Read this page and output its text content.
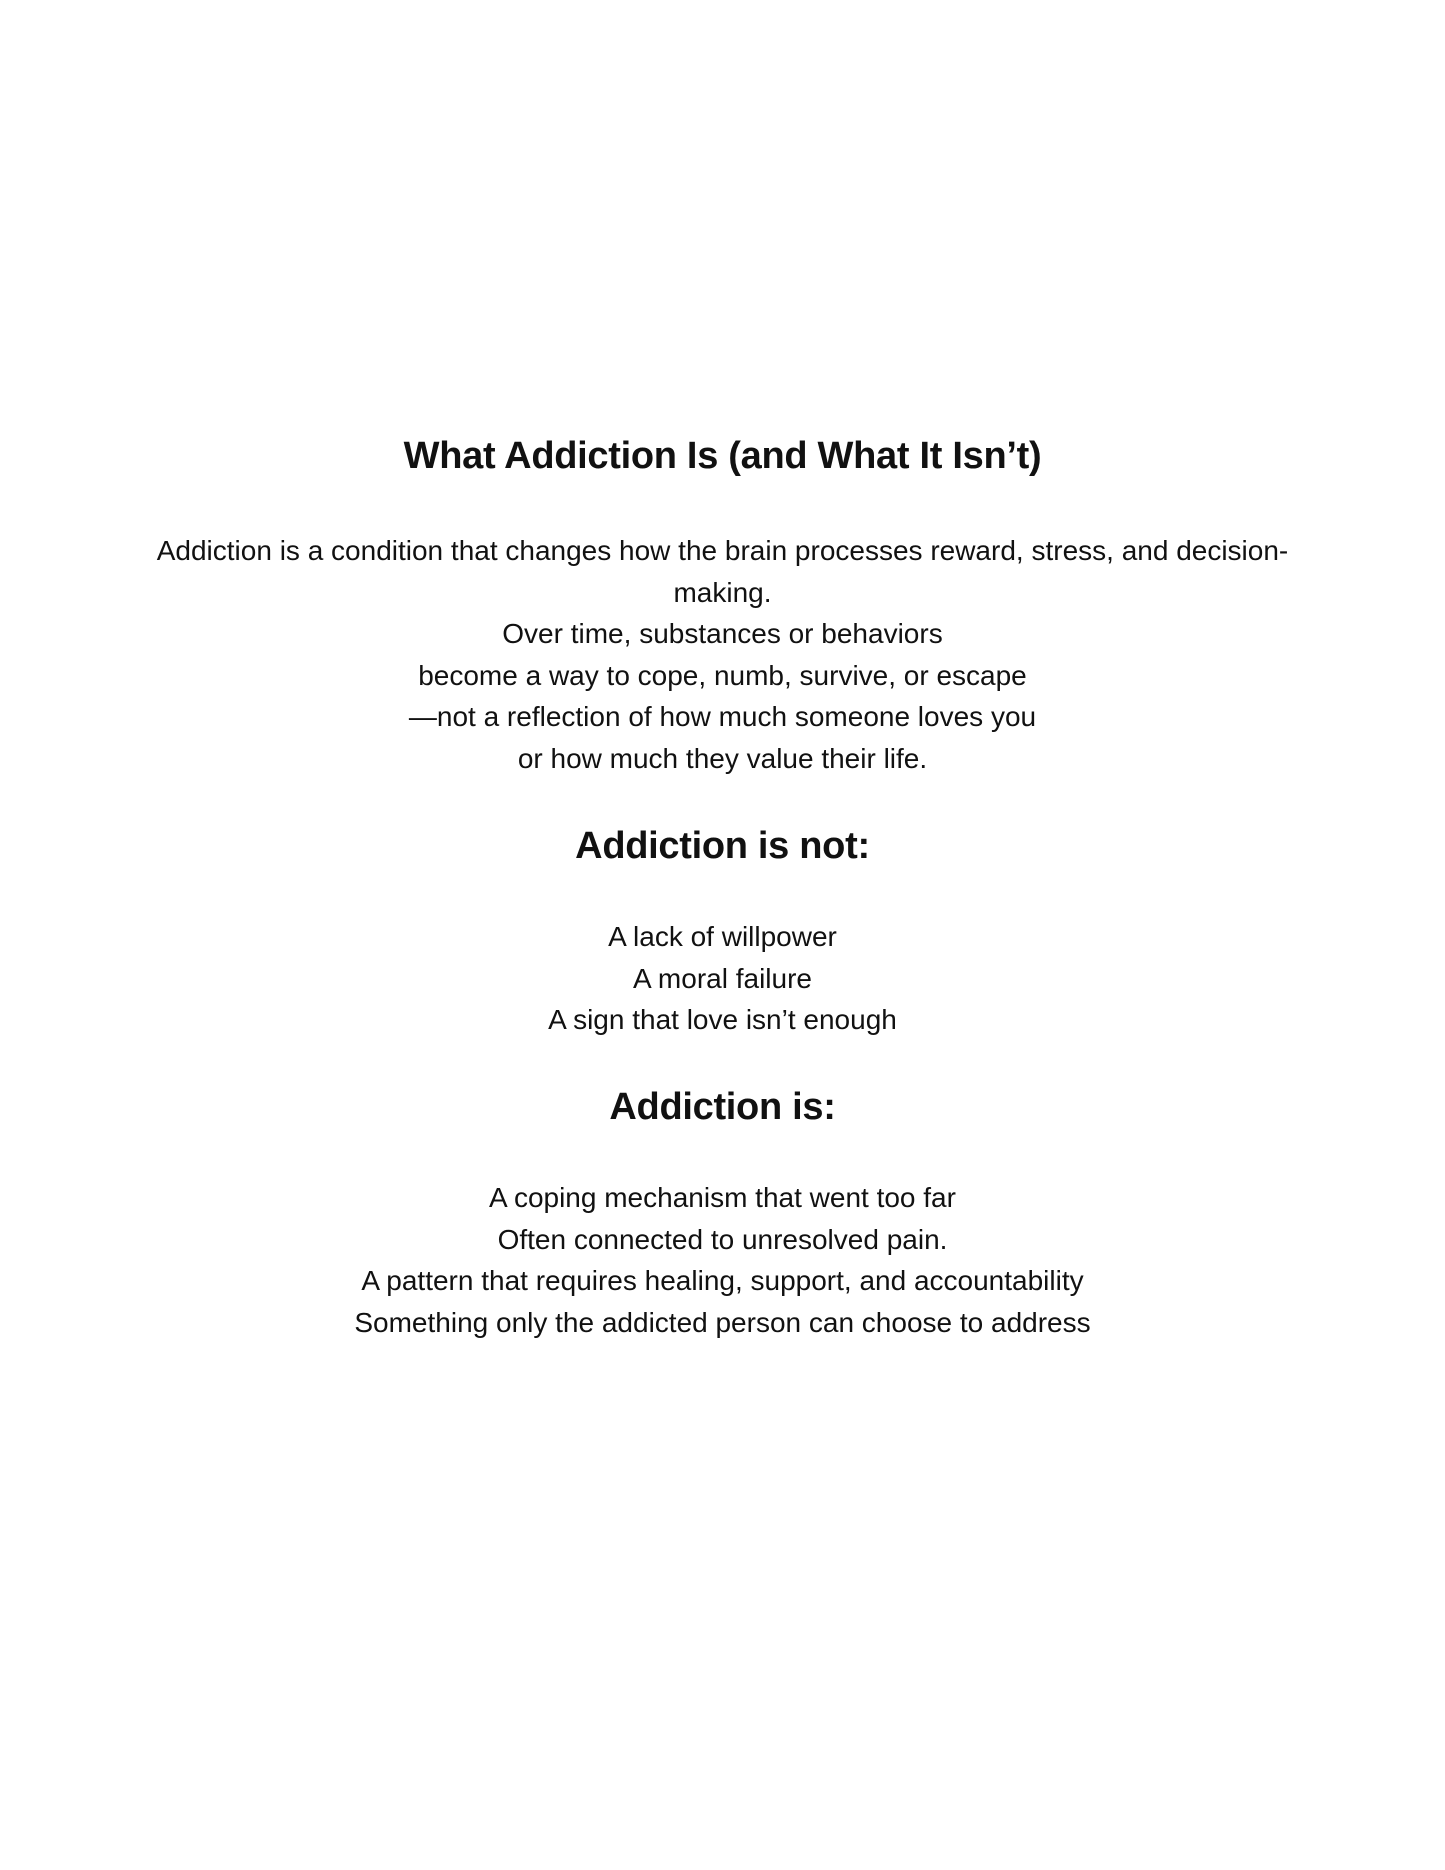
What Addiction Is (and What It Isn’t)

Addiction is a condition that changes how the brain processes reward, stress, and decision-making.
Over time, substances or behaviors
become a way to cope, numb, survive, or escape
—not a reflection of how much someone loves you
or how much they value their life.

Addiction is not:
A lack of willpower
A moral failure
A sign that love isn’t enough
Addiction is:
A coping mechanism that went too far
Often connected to unresolved pain.
A pattern that requires healing, support, and accountability
Something only the addicted person can choose to address
